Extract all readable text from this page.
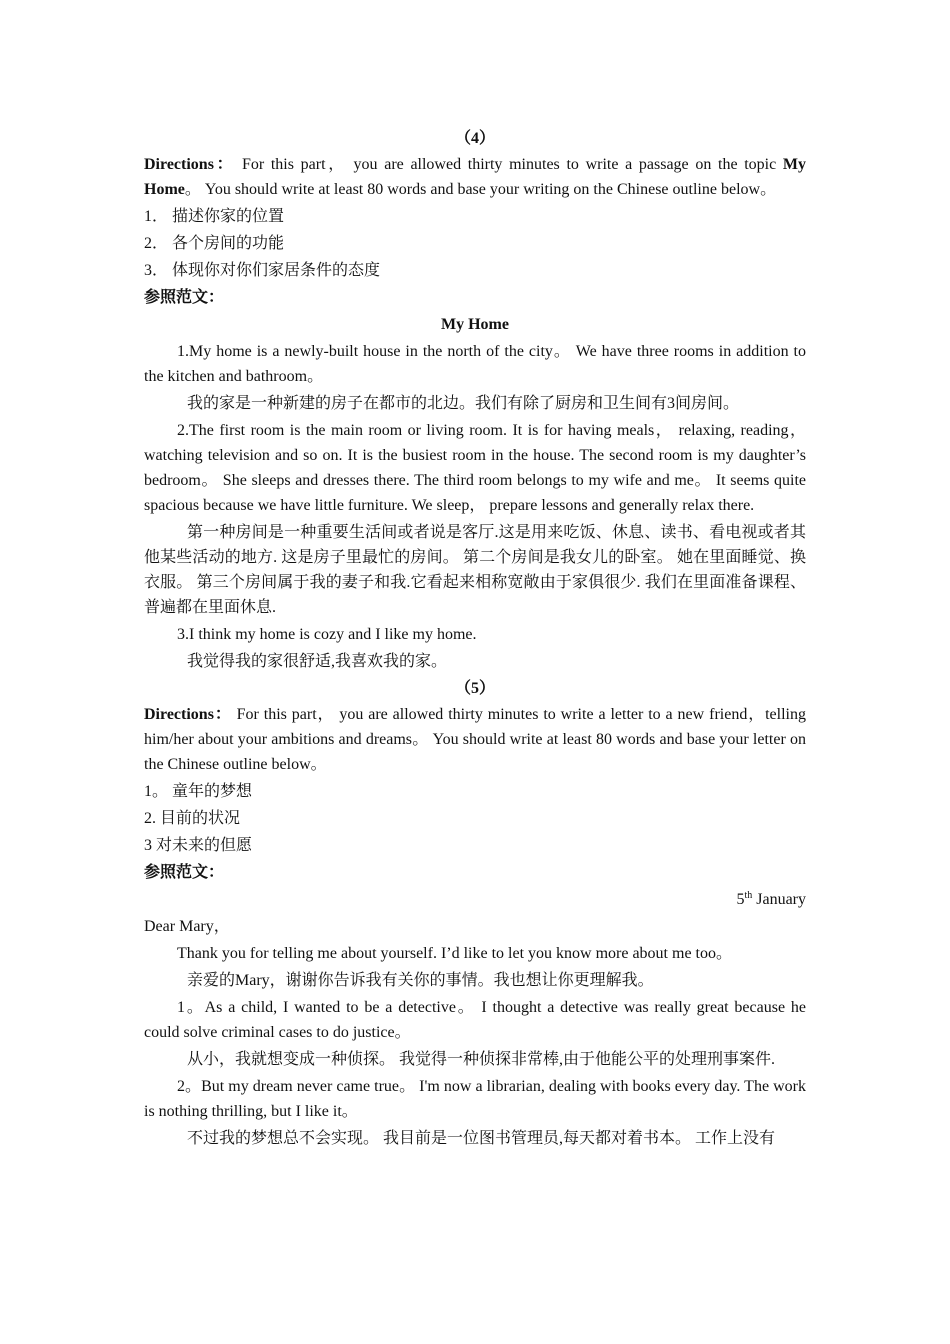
（4）

Directions： For this part， you are allowed thirty minutes to write a passage on the topic My Home。 You should write at least 80 words and base your writing on the Chinese outline below。

1． 描述你家的位置

2． 各个房间的功能

3． 体现你对你们家居条件的态度

参照范文：

My Home

1.My home is a newly-built house in the north of the city。 We have three rooms in addition to the kitchen and bathroom。

我的家是一种新建的房子在都市的北边。我们有除了厨房和卫生间有3间房间。

2.The first room is the main room or living room. It is for having meals， relaxing, reading， watching television and so on. It is the busiest room in the house. The second room is my daughter’s bedroom。 She sleeps and dresses there. The third room belongs to my wife and me。 It seems quite spacious because we have little furniture. We sleep， prepare lessons and generally relax there.

第一种房间是一种重要生活间或者说是客厅.这是用来吃饭、休息、读书、看电视或者其他某些活动的地方. 这是房子里最忙的房间。 第二个房间是我女儿的卧室。 她在里面睡觉、换衣服。 第三个房间属于我的妻子和我.它看起来相称宽敞由于家俱很少. 我们在里面准备课程、普遍都在里面休息.

3.I think my home is cozy and I like my home.

我觉得我的家很舒适,我喜欢我的家。

（5）

Directions： For this part， you are allowed thirty minutes to write a letter to a new friend，telling him/her about your ambitions and dreams。 You should write at least 80 words and base your letter on the Chinese outline below。

1。 童年的梦想

2. 目前的状况

3 对未来的但愿

参照范文：

5th January

Dear Mary，

Thank you for telling me about yourself. I’d like to let you know more about me too。

亲爱的Mary，谢谢你告诉我有关你的事情。我也想让你更理解我。

1。As a child, I wanted to be a detective。 I thought a detective was really great because he could solve criminal cases to do justice。

从小，我就想变成一种侦探。 我觉得一种侦探非常棒,由于他能公平的处理刑事案件.

2。But my dream never came true。 I'm now a librarian, dealing with books every day. The work is nothing thrilling, but I like it。

不过我的梦想总不会实现。 我目前是一位图书管理员,每天都对着书本。 工作上没有
